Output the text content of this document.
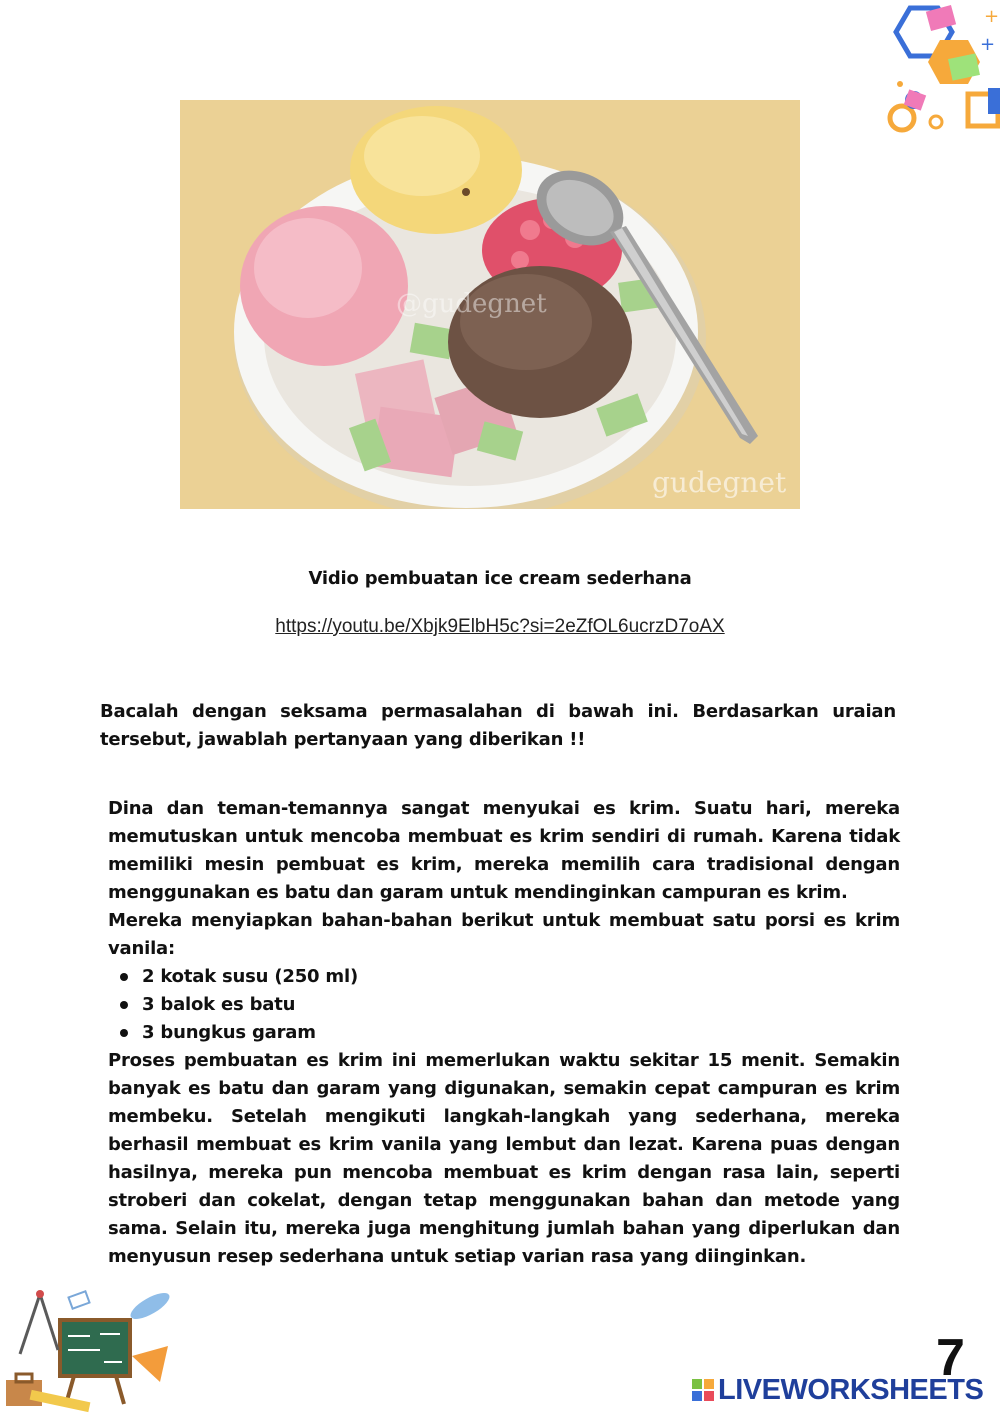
+
+
@gudegnet
gudegnet
Vidio pembuatan ice cream sederhana
https://youtu.be/Xbjk9ElbH5c?si=2eZfOL6ucrzD7oAX
Bacalah dengan seksama permasalahan di bawah ini. Berdasarkan uraian tersebut, jawablah pertanyaan yang diberikan !!

Dina dan teman-temannya sangat menyukai es krim. Suatu hari, mereka memutuskan untuk mencoba membuat es krim sendiri di rumah. Karena tidak memiliki mesin pembuat es krim, mereka memilih cara tradisional dengan menggunakan es batu dan garam untuk mendinginkan campuran es krim.

Mereka menyiapkan bahan-bahan berikut untuk membuat satu porsi es krim vanila:

2 kotak susu (250 ml)
3 balok es batu
3 bungkus garam

Proses pembuatan es krim ini memerlukan waktu sekitar 15 menit. Semakin banyak es batu dan garam yang digunakan, semakin cepat campuran es krim membeku. Setelah mengikuti langkah-langkah yang sederhana, mereka berhasil membuat es krim vanila yang lembut dan lezat. Karena puas dengan hasilnya, mereka pun mencoba membuat es krim dengan rasa lain, seperti stroberi dan cokelat, dengan tetap menggunakan bahan dan metode yang sama. Selain itu, mereka juga menghitung jumlah bahan yang diperlukan dan menyusun resep sederhana untuk setiap varian rasa yang diinginkan.

LIVEWORKSHEETS
7
